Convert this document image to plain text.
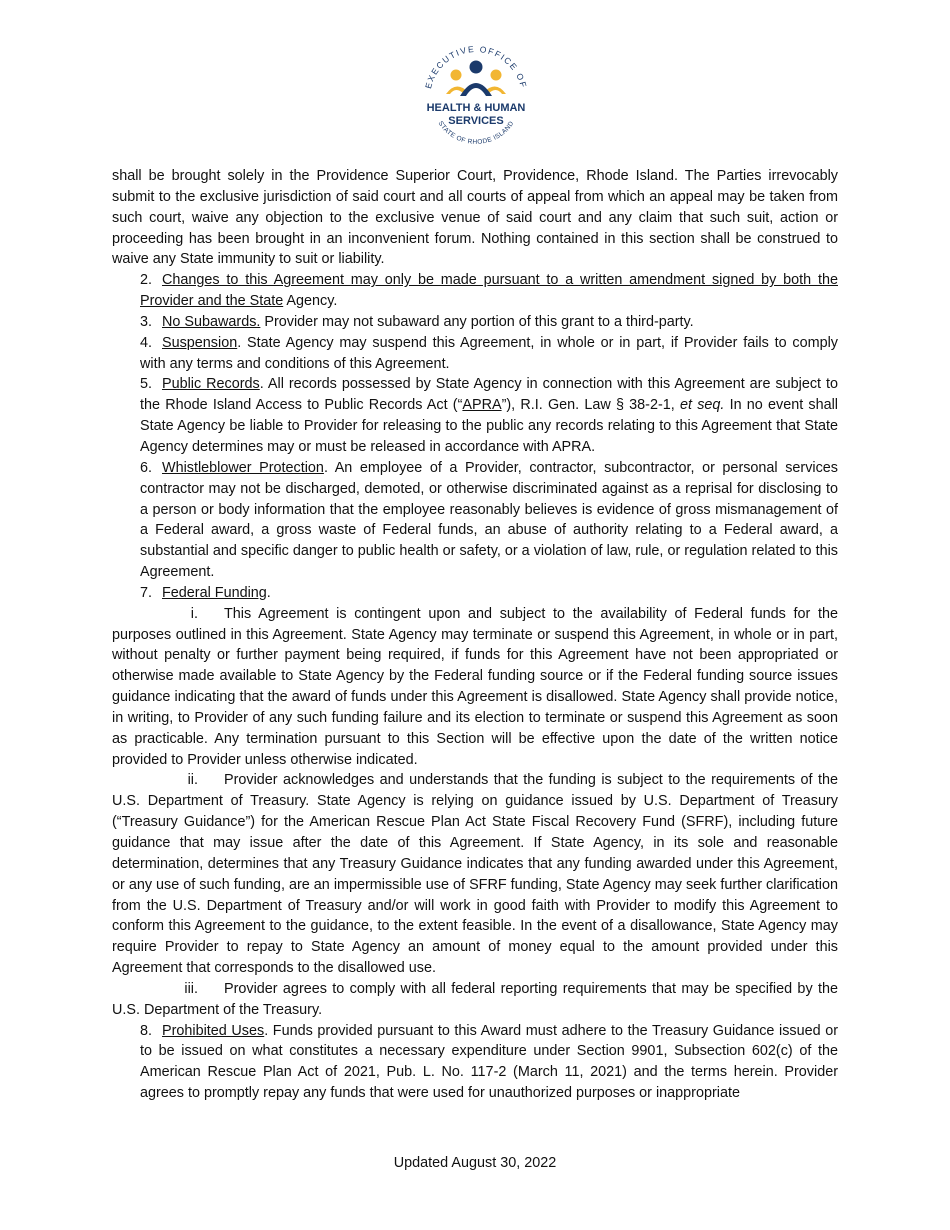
EXECUTIVE OFFICE OF
HEALTH & HUMAN
SERVICES
STATE OF RHODE ISLAND

shall be brought solely in the Providence Superior Court, Providence, Rhode Island. The Parties irrevocably submit to the exclusive jurisdiction of said court and all courts of appeal from which an appeal may be taken from such court, waive any objection to the exclusive venue of said court and any claim that such suit, action or proceeding has been brought in an inconvenient forum. Nothing contained in this section shall be construed to waive any State immunity to suit or liability.

2. Changes to this Agreement may only be made pursuant to a written amendment signed by both the Provider and the State Agency.

3. No Subawards. Provider may not subaward any portion of this grant to a third-party.

4. Suspension. State Agency may suspend this Agreement, in whole or in part, if Provider fails to comply with any terms and conditions of this Agreement.

5. Public Records. All records possessed by State Agency in connection with this Agreement are subject to the Rhode Island Access to Public Records Act (“APRA”), R.I. Gen. Law § 38-2-1, et seq. In no event shall State Agency be liable to Provider for releasing to the public any records relating to this Agreement that State Agency determines may or must be released in accordance with APRA.

6. Whistleblower Protection. An employee of a Provider, contractor, subcontractor, or personal services contractor may not be discharged, demoted, or otherwise discriminated against as a reprisal for disclosing to a person or body information that the employee reasonably believes is evidence of gross mismanagement of a Federal award, a gross waste of Federal funds, an abuse of authority relating to a Federal award, a substantial and specific danger to public health or safety, or a violation of law, rule, or regulation related to this Agreement.

7. Federal Funding.

i. This Agreement is contingent upon and subject to the availability of Federal funds for the purposes outlined in this Agreement. State Agency may terminate or suspend this Agreement, in whole or in part, without penalty or further payment being required, if funds for this Agreement have not been appropriated or otherwise made available to State Agency by the Federal funding source or if the Federal funding source issues guidance indicating that the award of funds under this Agreement is disallowed. State Agency shall provide notice, in writing, to Provider of any such funding failure and its election to terminate or suspend this Agreement as soon as practicable. Any termination pursuant to this Section will be effective upon the date of the written notice provided to Provider unless otherwise indicated.

ii. Provider acknowledges and understands that the funding is subject to the requirements of the U.S. Department of Treasury. State Agency is relying on guidance issued by U.S. Department of Treasury (“Treasury Guidance”) for the American Rescue Plan Act State Fiscal Recovery Fund (SFRF), including future guidance that may issue after the date of this Agreement. If State Agency, in its sole and reasonable determination, determines that any Treasury Guidance indicates that any funding awarded under this Agreement, or any use of such funding, are an impermissible use of SFRF funding, State Agency may seek further clarification from the U.S. Department of Treasury and/or will work in good faith with Provider to modify this Agreement to conform this Agreement to the guidance, to the extent feasible. In the event of a disallowance, State Agency may require Provider to repay to State Agency an amount of money equal to the amount provided under this Agreement that corresponds to the disallowed use.

iii. Provider agrees to comply with all federal reporting requirements that may be specified by the U.S. Department of the Treasury.

8. Prohibited Uses. Funds provided pursuant to this Award must adhere to the Treasury Guidance issued or to be issued on what constitutes a necessary expenditure under Section 9901, Subsection 602(c) of the American Rescue Plan Act of 2021, Pub. L. No. 117-2 (March 11, 2021) and the terms herein. Provider agrees to promptly repay any funds that were used for unauthorized purposes or inappropriate

Updated August 30, 2022
